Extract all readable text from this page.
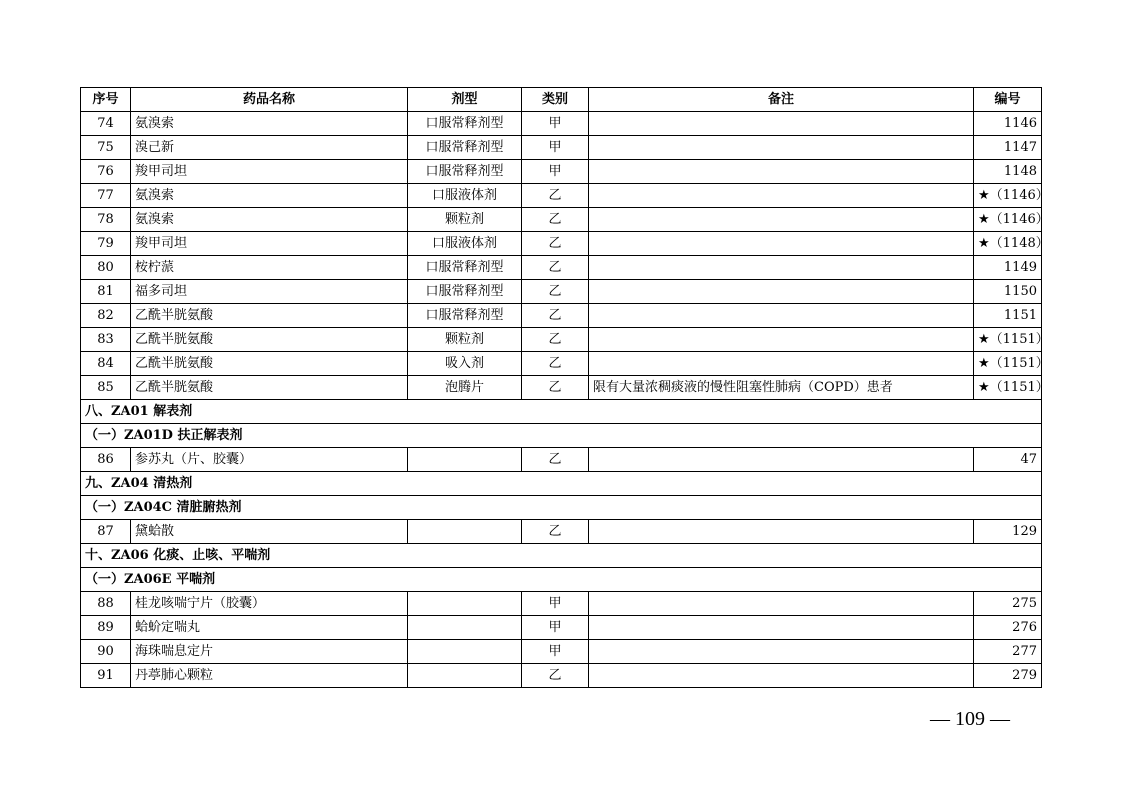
序号	药品名称	剂型	类别	备注	编号
74	氨溴索	口服常释剂型	甲		1146
75	溴己新	口服常释剂型	甲		1147
76	羧甲司坦	口服常释剂型	甲		1148
77	氨溴索	口服液体剂	乙		★（1146）
78	氨溴索	颗粒剂	乙		★（1146）
79	羧甲司坦	口服液体剂	乙		★（1148）
80	桉柠蒎	口服常释剂型	乙		1149
81	福多司坦	口服常释剂型	乙		1150
82	乙酰半胱氨酸	口服常释剂型	乙		1151
83	乙酰半胱氨酸	颗粒剂	乙		★（1151）
84	乙酰半胱氨酸	吸入剂	乙		★（1151）
85	乙酰半胱氨酸	泡腾片	乙	限有大量浓稠痰液的慢性阻塞性肺病（COPD）患者	★（1151）
八、ZA01 解表剂					
（一）ZA01D 扶正解表剂					
86	参苏丸（片、胶囊）		乙		47
九、ZA04 清热剂					
（一）ZA04C 清脏腑热剂					
87	黛蛤散		乙		129
十、ZA06 化痰、止咳、平喘剂					
（一）ZA06E 平喘剂					
88	桂龙咳喘宁片（胶囊）		甲		275
89	蛤蚧定喘丸		甲		276
90	海珠喘息定片		甲		277
91	丹葶肺心颗粒		乙		279
— 109 —
